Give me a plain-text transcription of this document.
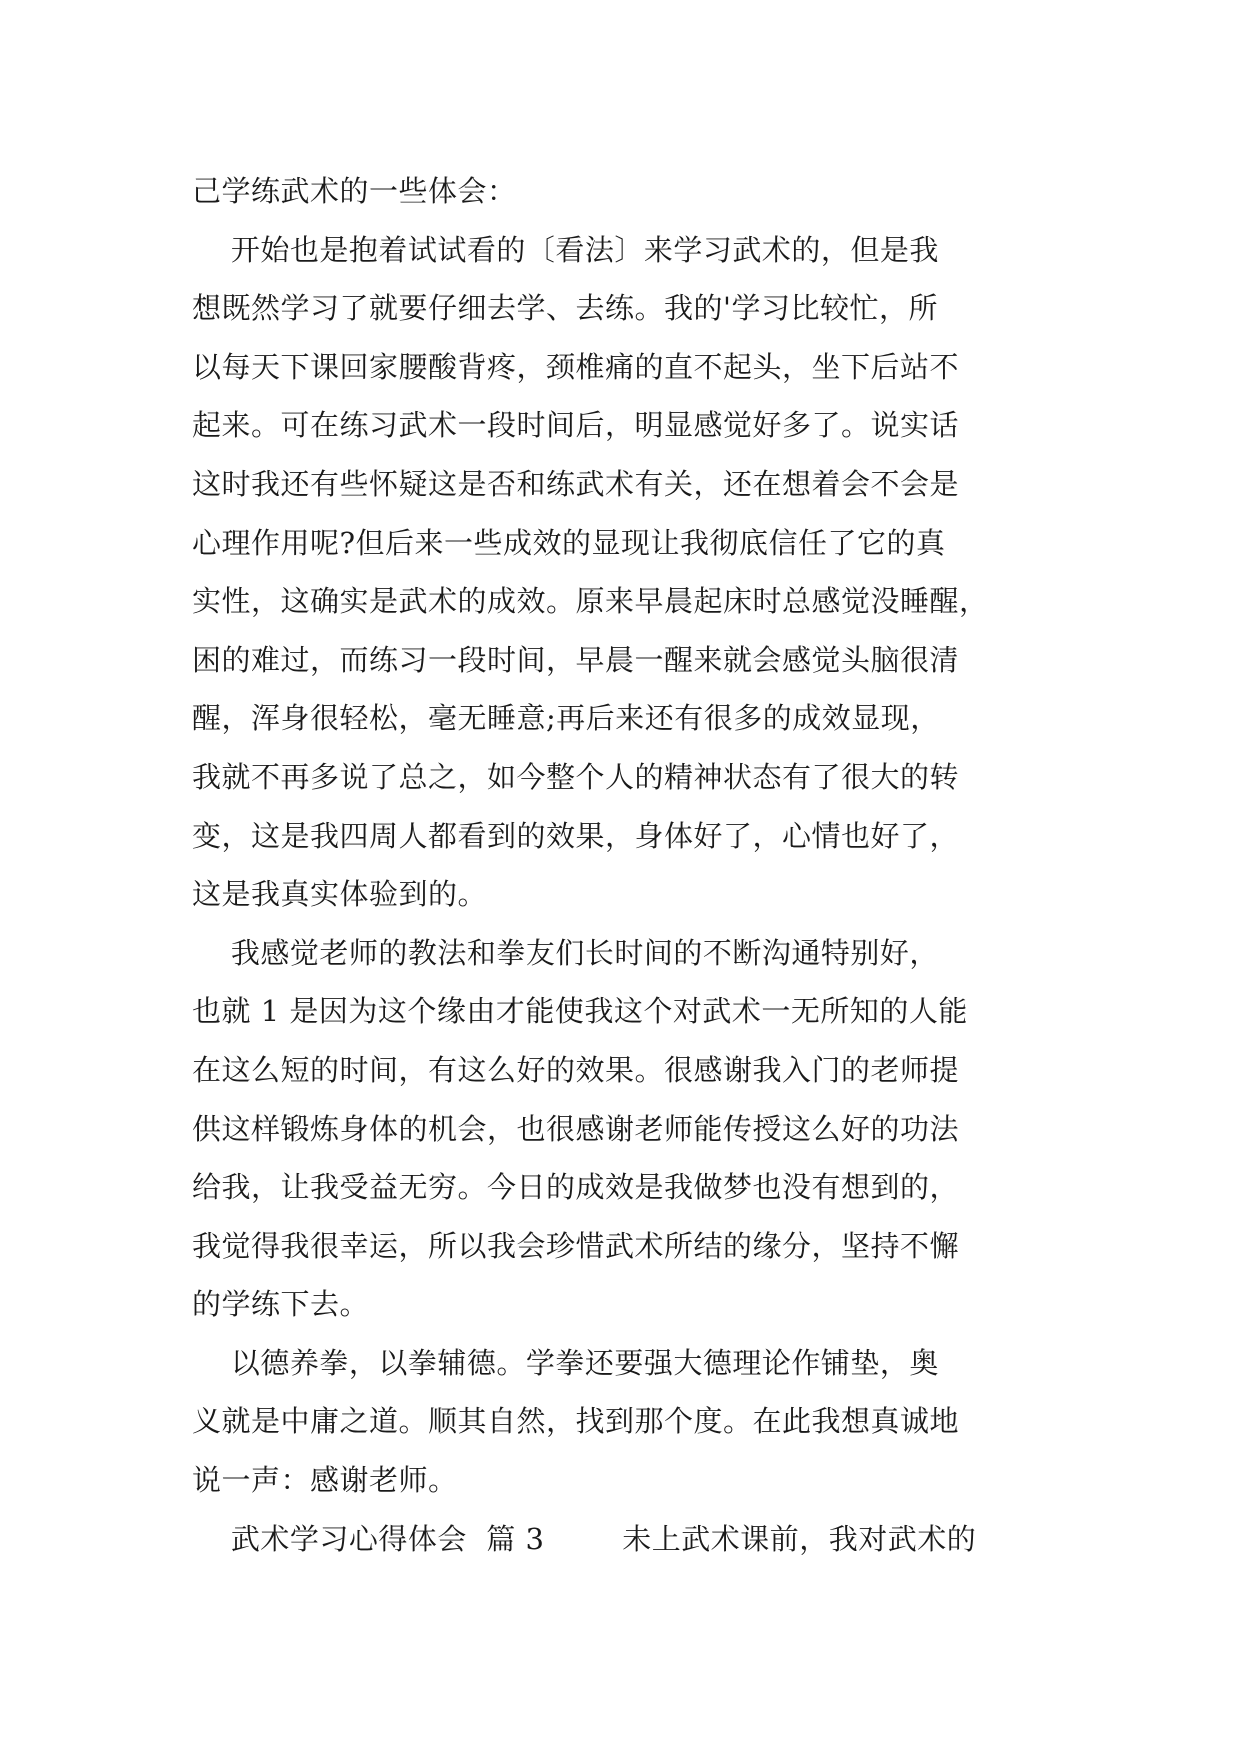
己学练武术的一些体会：
开始也是抱着试试看的〔看法〕来学习武术的，但是我
想既然学习了就要仔细去学、去练。我的'学习比较忙，所
以每天下课回家腰酸背疼，颈椎痛的直不起头，坐下后站不
起来。可在练习武术一段时间后，明显感觉好多了。说实话
这时我还有些怀疑这是否和练武术有关，还在想着会不会是
心理作用呢?但后来一些成效的显现让我彻底信任了它的真
实性，这确实是武术的成效。原来早晨起床时总感觉没睡醒，
困的难过，而练习一段时间，早晨一醒来就会感觉头脑很清
醒，浑身很轻松，毫无睡意;再后来还有很多的成效显现，
我就不再多说了总之，如今整个人的精神状态有了很大的转
变，这是我四周人都看到的效果，身体好了，心情也好了，
这是我真实体验到的。
我感觉老师的教法和拳友们长时间的不断沟通特别好，
也就 1 是因为这个缘由才能使我这个对武术一无所知的人能
在这么短的时间，有这么好的效果。很感谢我入门的老师提
供这样锻炼身体的机会，也很感谢老师能传授这么好的功法
给我，让我受益无穷。今日的成效是我做梦也没有想到的，
我觉得我很幸运，所以我会珍惜武术所结的缘分，坚持不懈
的学练下去。
以德养拳，以拳辅德。学拳还要强大德理论作铺垫，奥
义就是中庸之道。顺其自然，找到那个度。在此我想真诚地
说一声：感谢老师。
武术学习心得体会  篇 3        未上武术课前，我对武术的
